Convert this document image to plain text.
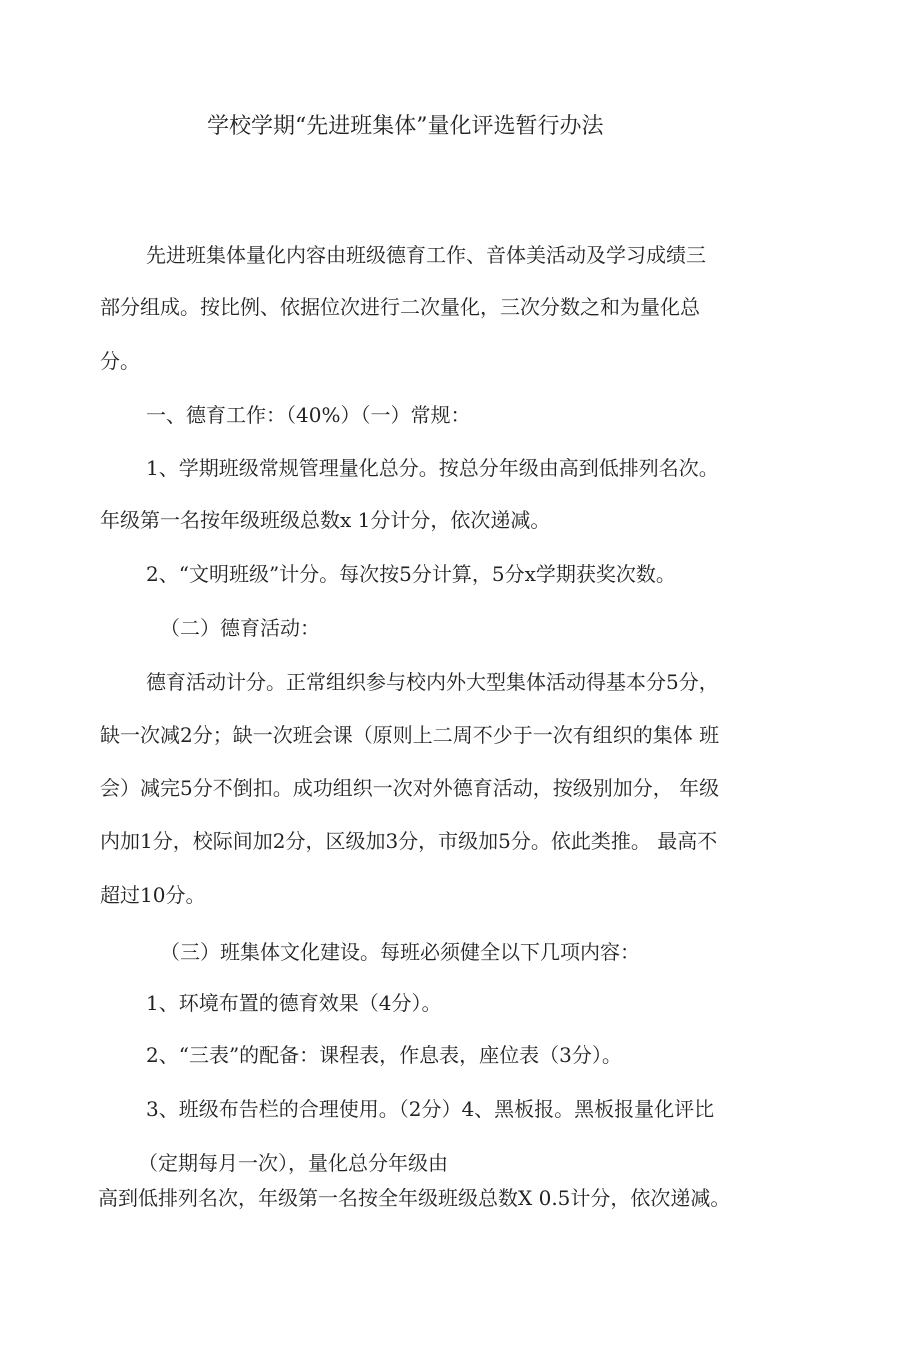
学校学期“先进班集体”量化评选暂行办法
先进班集体量化内容由班级德育工作、音体美活动及学习成绩三
部分组成。按比例、依据位次进行二次量化，三次分数之和为量化总
分。
一、德育工作：（40%）（一）常规：
1、学期班级常规管理量化总分。按总分年级由高到低排列名次。
年级第一名按年级班级总数x 1分计分，依次递减。
2、“文明班级”计分。每次按5分计算，5分x学期获奖次数。
（二）德育活动：
德育活动计分。正常组织参与校内外大型集体活动得基本分5分，
缺一次减2分；缺一次班会课（原则上二周不少于一次有组织的集体 班
会）减完5分不倒扣。成功组织一次对外德育活动，按级别加分， 年级
内加1分，校际间加2分，区级加3分，市级加5分。依此类推。 最高不
超过10分。
（三）班集体文化建设。每班必须健全以下几项内容：
1、环境布置的德育效果（4分）。
2、“三表”的配备：课程表，作息表，座位表（3分）。
3、班级布告栏的合理使用。（2分）4、黑板报。黑板报量化评比
（定期每月一次），量化总分年级由
高到低排列名次，年级第一名按全年级班级总数X 0.5计分，依次递减。
